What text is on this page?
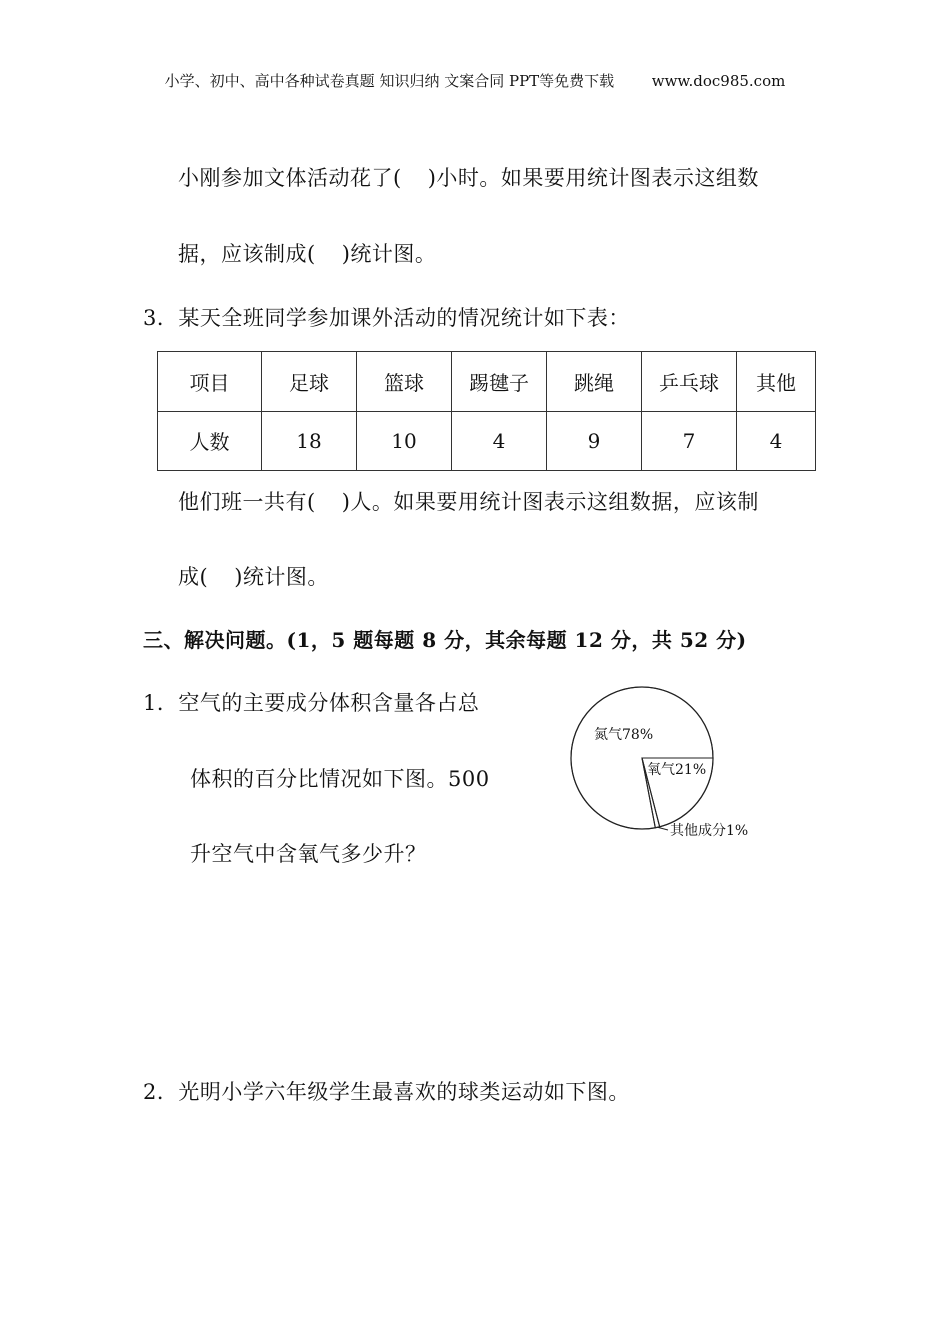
小学、初中、高中各种试卷真题 知识归纳 文案合同 PPT等免费下载	www.doc985.com
小刚参加文体活动花了( )小时。如果要用统计图表示这组数
据，应该制成( )统计图。
3．某天全班同学参加课外活动的情况统计如下表：
项目	足球	篮球	踢毽子	跳绳	乒乓球	其他
人数	18	10	4	9	7	4
他们班一共有( )人。如果要用统计图表示这组数据，应该制
成( )统计图。
三、解决问题。(1，5 题每题 8 分，其余每题 12 分，共 52 分)
1．空气的主要成分体积含量各占总
体积的百分比情况如下图。500
升空气中含氧气多少升？
氮气78%
氧气21%
其他成分1%
2．光明小学六年级学生最喜欢的球类运动如下图。
